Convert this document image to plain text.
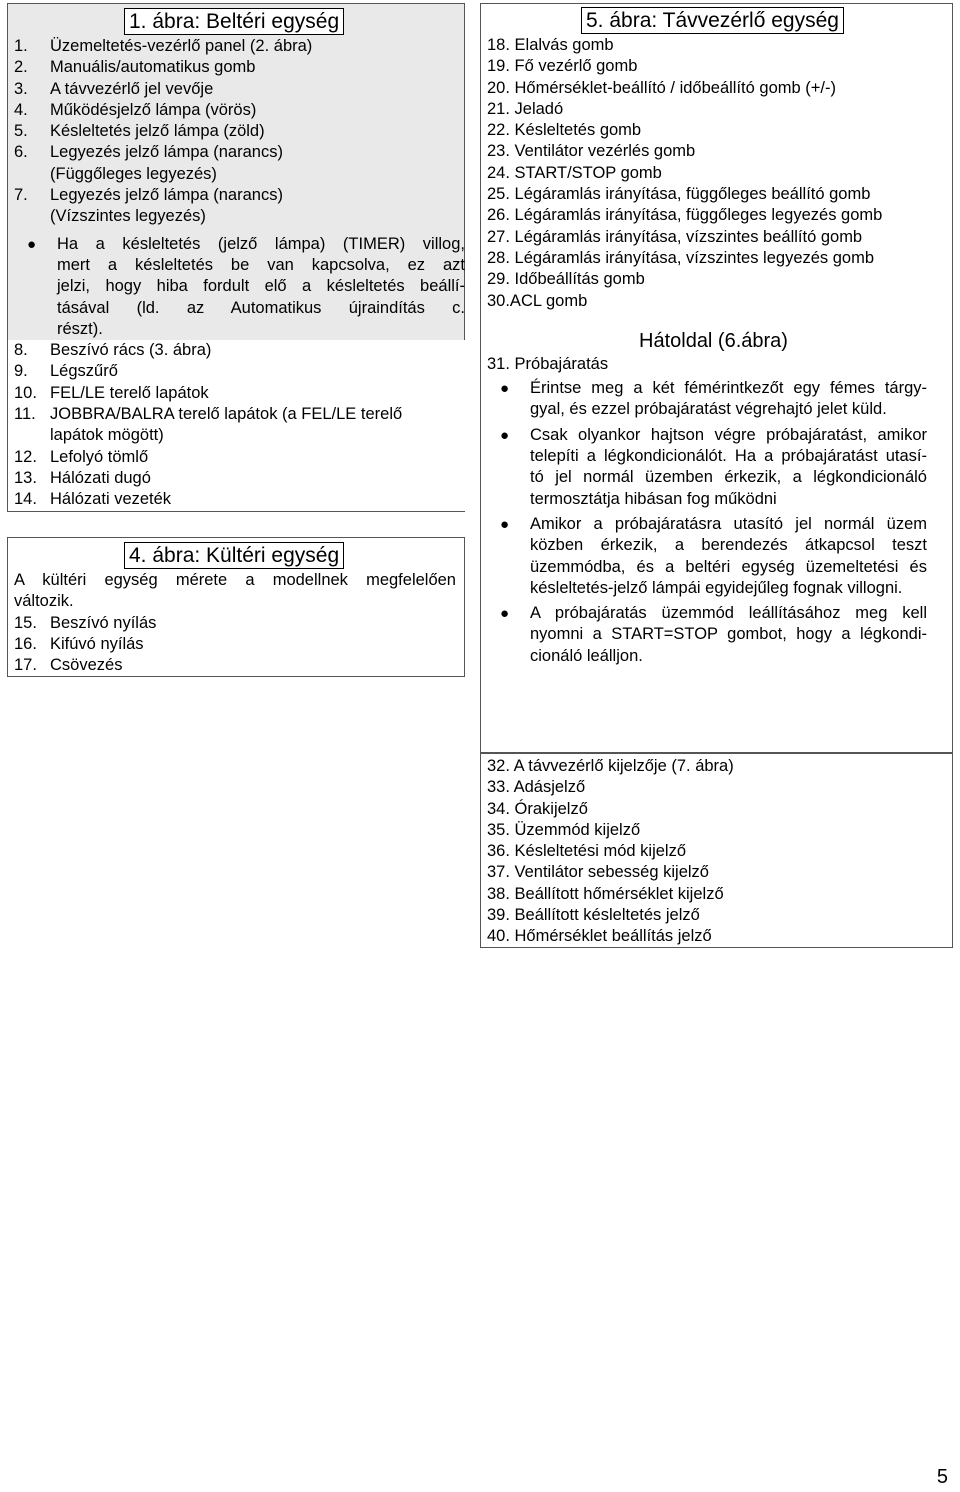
1. ábra: Beltéri egység
1. Üzemeltetés-vezérlő panel (2. ábra)
2. Manuális/automatikus gomb
3. A távvezérlő jel vevője
4. Működésjelző lámpa (vörös)
5. Késleltetés jelző lámpa (zöld)
6. Legyezés jelző lámpa (narancs)
(Függőleges legyezés)
7. Legyezés jelző lámpa (narancs)
(Vízszintes legyezés)
● Ha a késleltetés (jelző lámpa) (TIMER) villog,
mert a késleltetés be van kapcsolva, ez azt
jelzi, hogy hiba fordult elő a késleltetés beállí-
tásával (ld. az Automatikus újraindítás c.
részt).
8. Beszívó rács (3. ábra)
9. Légszűrő
10. FEL/LE terelő lapátok
11. JOBBRA/BALRA terelő lapátok (a FEL/LE terelő
lapátok mögött)
12. Lefolyó tömlő
13. Hálózati dugó
14. Hálózati vezeték
4. ábra: Kültéri egység
A kültéri egység mérete a modellnek megfelelően
változik.
15. Beszívó nyílás
16. Kifúvó nyílás
17. Csövezés
5. ábra: Távvezérlő egység
18. Elalvás gomb
19. Fő vezérlő gomb
20. Hőmérséklet-beállító / időbeállító gomb (+/-)
21. Jeladó
22. Késleltetés gomb
23. Ventilátor vezérlés gomb
24. START/STOP gomb
25. Légáramlás irányítása, függőleges beállító gomb
26. Légáramlás irányítása, függőleges legyezés gomb
27. Légáramlás irányítása, vízszintes beállító gomb
28. Légáramlás irányítása, vízszintes legyezés gomb
29. Időbeállítás gomb
30.ACL gomb
Hátoldal (6.ábra)
31. Próbajáratás
● Érintse meg a két fémérintkezőt egy fémes tárgy-
gyal, és ezzel próbajáratást végrehajtó jelet küld.
● Csak olyankor hajtson végre próbajáratást, amikor
telepíti a légkondicionálót. Ha a próbajáratást utasí-
tó jel normál üzemben érkezik, a légkondicionáló
termosztátja hibásan fog működni
● Amikor a próbajáratásra utasító jel normál üzem
közben érkezik, a berendezés átkapcsol teszt
üzemmódba, és a beltéri egység üzemeltetési és
késleltetés-jelző lámpái egyidejűleg fognak villogni.
● A próbajáratás üzemmód leállításához meg kell
nyomni a START=STOP gombot, hogy a légkondi-
cionáló leálljon.
32. A távvezérlő kijelzője (7. ábra)
33. Adásjelző
34. Órakijelző
35. Üzemmód kijelző
36. Késleltetési mód kijelző
37. Ventilátor sebesség kijelző
38. Beállított hőmérséklet kijelző
39. Beállított késleltetés jelző
40. Hőmérséklet beállítás jelző
5
